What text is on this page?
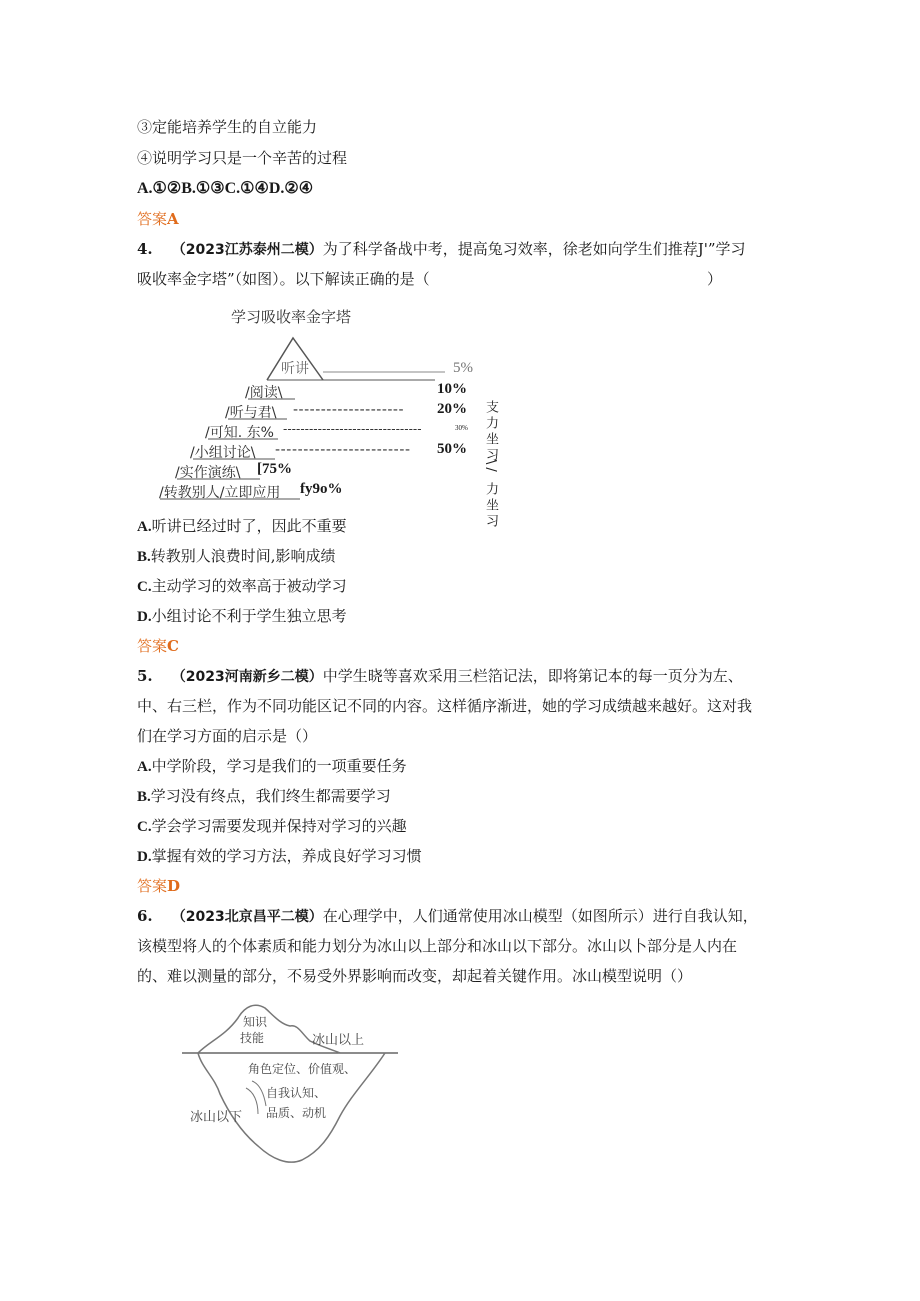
③定能培养学生的自立能力
④说明学习只是一个辛苦的过程
A.①②B.①③C.①④D.②④
答案A
4. （2023江苏泰州二模）为了科学备战中考，提高兔习效率，徐老如向学生们推荐J'”学习
吸收率金字塔”（如图）。以下解读正确的是（	）
学习吸收率金字塔
听讲	5%
/阅读\	10%
/听与君\ -------------------- 20%
/可知. 东% --------------------------------	30%
/小组讨论\ ------------------------ 50%
/实作演练\ [75%
/转教别人/立即应用 fy9o%
支力坐习
\/ 力坐习
A.听讲已经过时了，因此不重要
B.转教别人浪费时间,影响成绩
C.主动学习的效率高于被动学习
D.小组讨论不利于学生独立思考
答案C
5. （2023河南新乡二模）中学生晓等喜欢采用三栏箔记法，即将第记本的每一页分为左、
中、右三栏，作为不同功能区记不同的内容。这样循序渐进，她的学习成绩越来越好。这对我
们在学习方面的启示是（）
A.中学阶段，学习是我们的一项重要任务
B.学习没有终点，我们终生都需要学习
C.学会学习需要发现并保持对学习的兴趣
D.掌握有效的学习方法，养成良好学习习惯
答案D
6. （2023北京昌平二模）在心理学中，人们通常使用冰山模型（如图所示）进行自我认知，
该模型将人的个体素质和能力划分为冰山以上部分和冰山以下部分。冰山以卜部分是人内在
的、难以测量的部分，不易受外界影响而改变，却起着关键作用。冰山模型说明（）
知识
技能	冰山以上
角色定位、价值观、
自我认知、
品质、动机
冰山以下
